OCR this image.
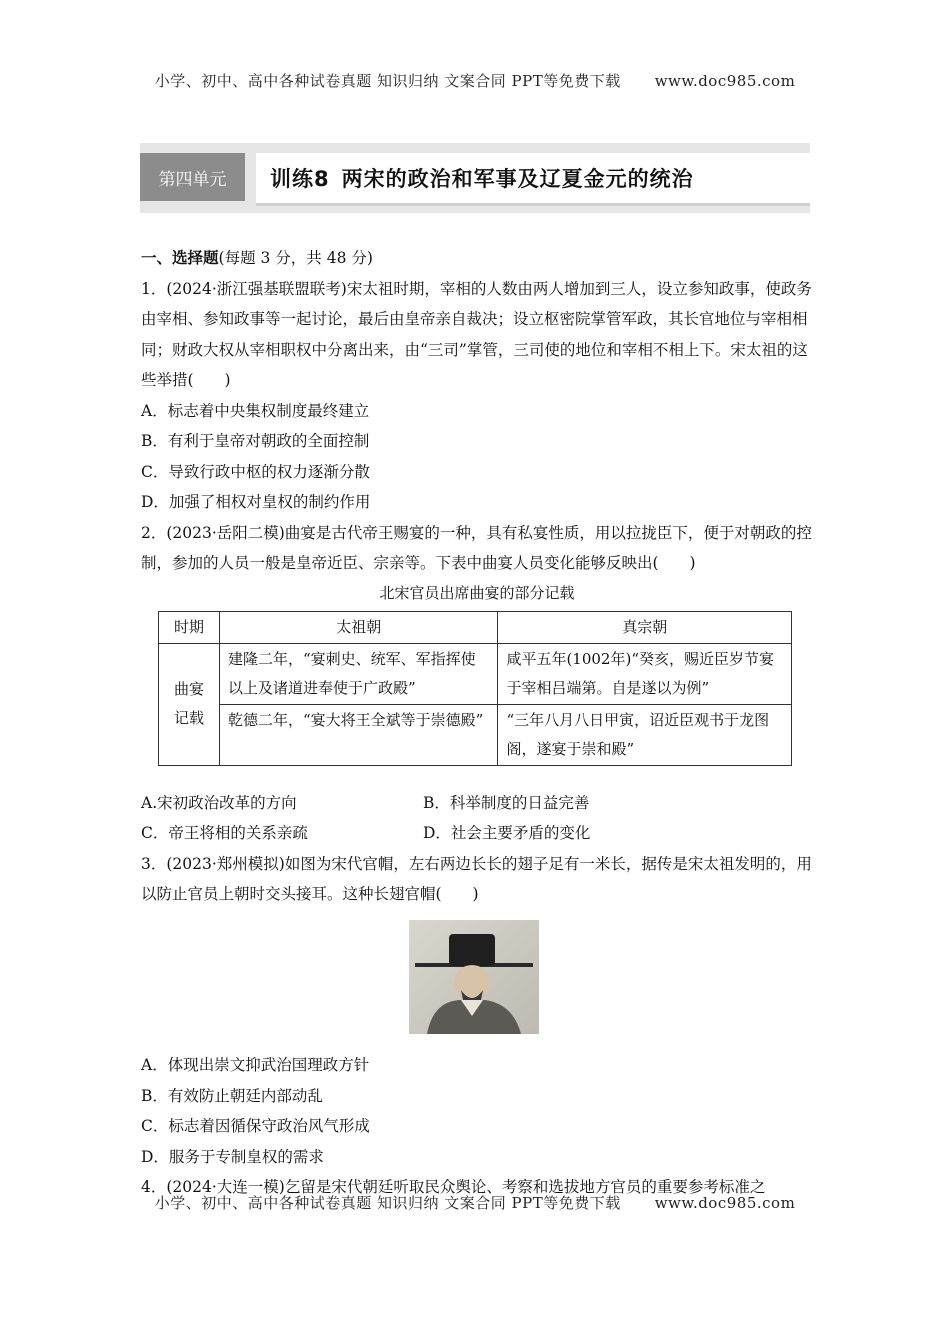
小学、初中、高中各种试卷真题 知识归纳 文案合同 PPT等免费下载 www.doc985.com
第四单元	训练8 两宋的政治和军事及辽夏金元的统治

一、选择题(每题 3 分，共 48 分)

1．(2024·浙江强基联盟联考)宋太祖时期，宰相的人数由两人增加到三人，设立参知政事，使政务由宰相、参知政事等一起讨论，最后由皇帝亲自裁决；设立枢密院掌管军政，其长官地位与宰相相同；财政大权从宰相职权中分离出来，由“三司”掌管，三司使的地位和宰相不相上下。宋太祖的这些举措(　　)

A．标志着中央集权制度最终建立

B．有利于皇帝对朝政的全面控制

C．导致行政中枢的权力逐渐分散

D．加强了相权对皇权的制约作用

2．(2023·岳阳二模)曲宴是古代帝王赐宴的一种，具有私宴性质，用以拉拢臣下，便于对朝政的控制，参加的人员一般是皇帝近臣、宗亲等。下表中曲宴人员变化能够反映出(　　)

北宋官员出席曲宴的部分记载
时期	太祖朝	真宗朝
曲宴记载	建隆二年，“宴刺史、统军、军指挥使以上及诸道进奉使于广政殿”	咸平五年(1002年)“癸亥，赐近臣岁节宴于宰相吕端第。自是遂以为例”
	乾德二年，“宴大将王全斌等于崇德殿”	“三年八月八日甲寅，诏近臣观书于龙图阁，遂宴于崇和殿”
A.宋初政治改革的方向	B．科举制度的日益完善
C．帝王将相的关系亲疏	D．社会主要矛盾的变化

3．(2023·郑州模拟)如图为宋代官帽，左右两边长长的翅子足有一米长，据传是宋太祖发明的，用以防止官员上朝时交头接耳。这种长翅官帽(　　)

A．体现出崇文抑武治国理政方针

B．有效防止朝廷内部动乱

C．标志着因循保守政治风气形成

D．服务于专制皇权的需求

4．(2024·大连一模)乞留是宋代朝廷听取民众舆论、考察和选拔地方官员的重要参考标准之

小学、初中、高中各种试卷真题 知识归纳 文案合同 PPT等免费下载 www.doc985.com
